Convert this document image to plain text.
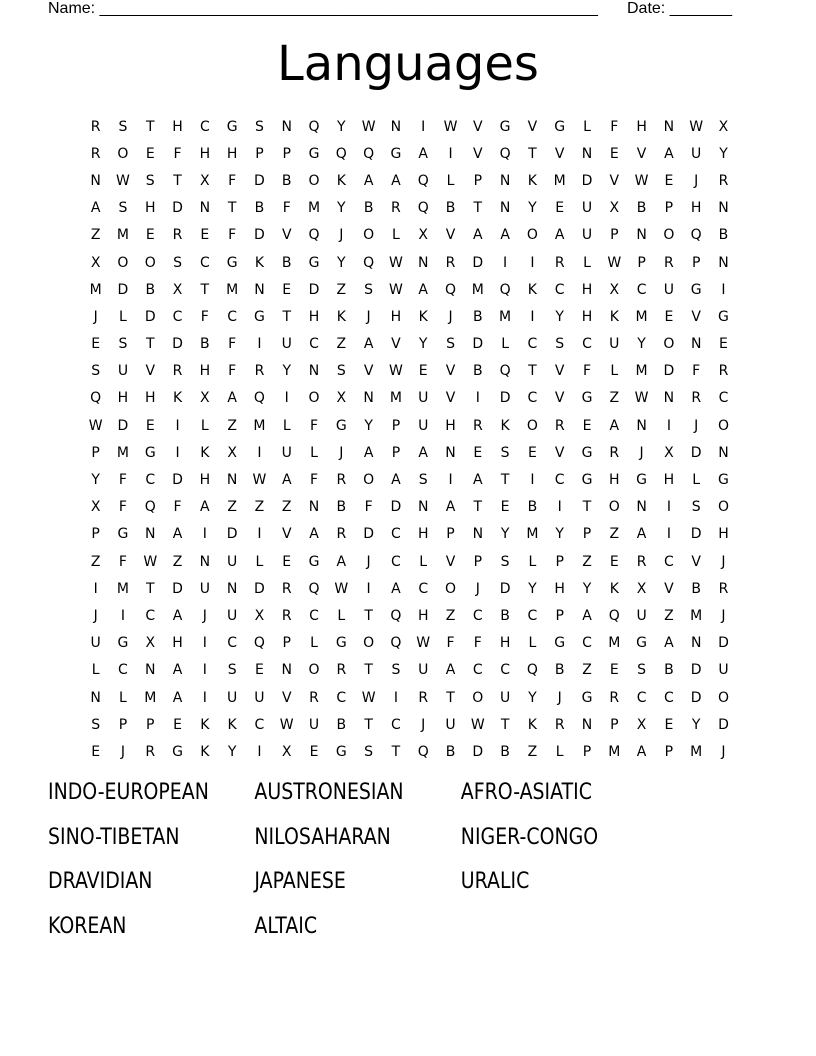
Name: ________________________________________________________ Date: _______
Languages
R	S	T	H	C	G	S	N	Q	Y	W	N	I	W	V	G	V	G	L	F	H	N	W	X
R	O	E	F	H	H	P	P	G	Q	Q	G	A	I	V	Q	T	V	N	E	V	A	U	Y
N	W	S	T	X	F	D	B	O	K	A	A	Q	L	P	N	K	M	D	V	W	E	J	R
A	S	H	D	N	T	B	F	M	Y	B	R	Q	B	T	N	Y	E	U	X	B	P	H	N
Z	M	E	R	E	F	D	V	Q	J	O	L	X	V	A	A	O	A	U	P	N	O	Q	B
X	O	O	S	C	G	K	B	G	Y	Q	W	N	R	D	I	I	R	L	W	P	R	P	N
M	D	B	X	T	M	N	E	D	Z	S	W	A	Q	M	Q	K	C	H	X	C	U	G	I
J	L	D	C	F	C	G	T	H	K	J	H	K	J	B	M	I	Y	H	K	M	E	V	G
E	S	T	D	B	F	I	U	C	Z	A	V	Y	S	D	L	C	S	C	U	Y	O	N	E
S	U	V	R	H	F	R	Y	N	S	V	W	E	V	B	Q	T	V	F	L	M	D	F	R
Q	H	H	K	X	A	Q	I	O	X	N	M	U	V	I	D	C	V	G	Z	W	N	R	C
W	D	E	I	L	Z	M	L	F	G	Y	P	U	H	R	K	O	R	E	A	N	I	J	O
P	M	G	I	K	X	I	U	L	J	A	P	A	N	E	S	E	V	G	R	J	X	D	N
Y	F	C	D	H	N	W	A	F	R	O	A	S	I	A	T	I	C	G	H	G	H	L	G
X	F	Q	F	A	Z	Z	Z	N	B	F	D	N	A	T	E	B	I	T	O	N	I	S	O
P	G	N	A	I	D	I	V	A	R	D	C	H	P	N	Y	M	Y	P	Z	A	I	D	H
Z	F	W	Z	N	U	L	E	G	A	J	C	L	V	P	S	L	P	Z	E	R	C	V	J
I	M	T	D	U	N	D	R	Q	W	I	A	C	O	J	D	Y	H	Y	K	X	V	B	R
J	I	C	A	J	U	X	R	C	L	T	Q	H	Z	C	B	C	P	A	Q	U	Z	M	J
U	G	X	H	I	C	Q	P	L	G	O	Q	W	F	F	H	L	G	C	M	G	A	N	D
L	C	N	A	I	S	E	N	O	R	T	S	U	A	C	C	Q	B	Z	E	S	B	D	U
N	L	M	A	I	U	U	V	R	C	W	I	R	T	O	U	Y	J	G	R	C	C	D	O
S	P	P	E	K	K	C	W	U	B	T	C	J	U	W	T	K	R	N	P	X	E	Y	D
E	J	R	G	K	Y	I	X	E	G	S	T	Q	B	D	B	Z	L	P	M	A	P	M	J
INDO-EUROPEAN	AUSTRONESIAN	AFRO-ASIATIC
SINO-TIBETAN	NILOSAHARAN	NIGER-CONGO
DRAVIDIAN	JAPANESE	URALIC
KOREAN	ALTAIC
